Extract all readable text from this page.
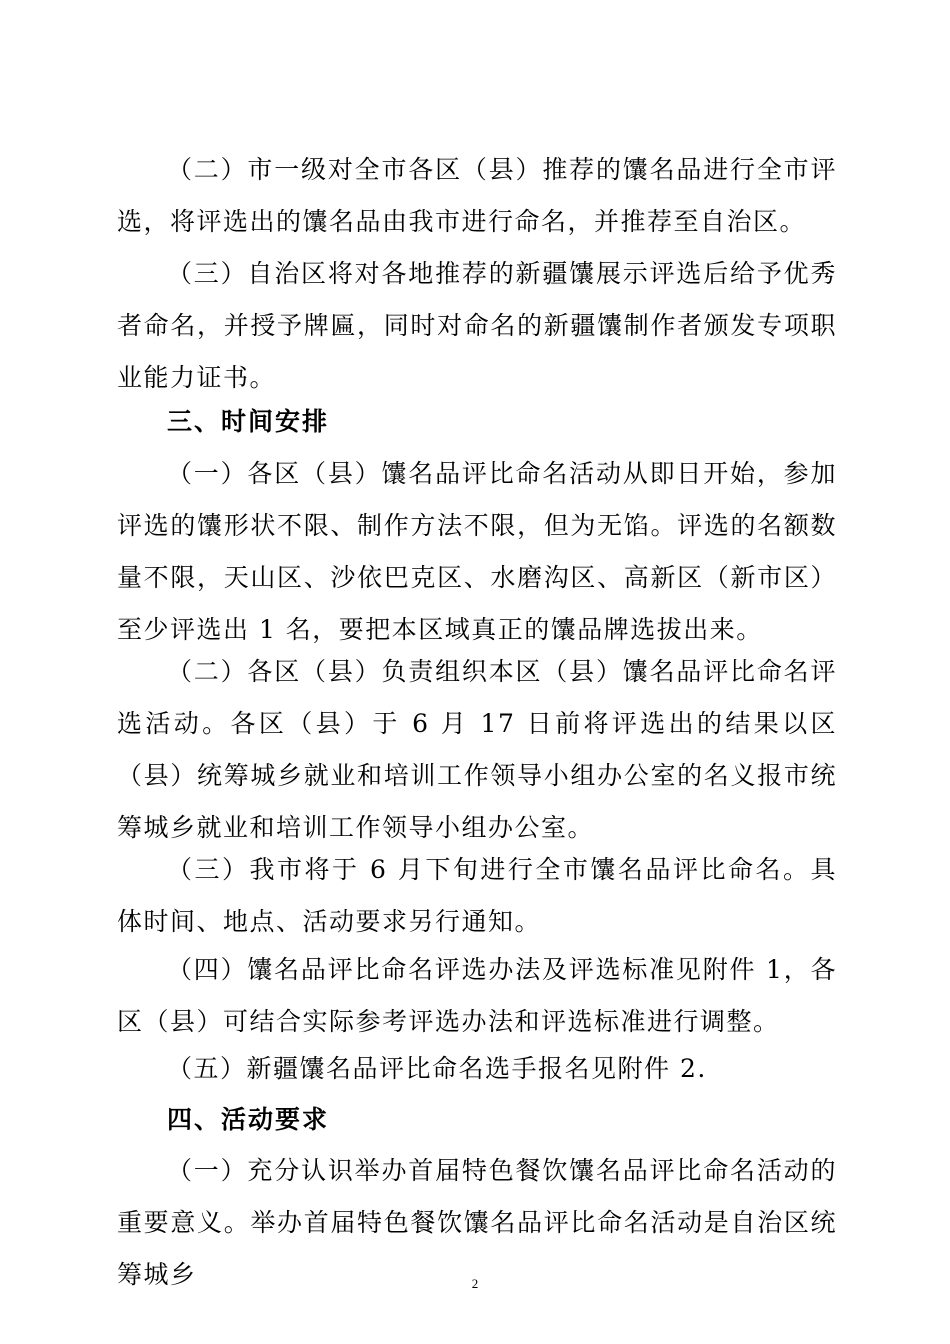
（二）市一级对全市各区（县）推荐的馕名品进行全市评选，将评选出的馕名品由我市进行命名，并推荐至自治区。

（三）自治区将对各地推荐的新疆馕展示评选后给予优秀者命名，并授予牌匾，同时对命名的新疆馕制作者颁发专项职业能力证书。

三、时间安排

（一）各区（县）馕名品评比命名活动从即日开始，参加评选的馕形状不限、制作方法不限，但为无馅。评选的名额数量不限，天山区、沙依巴克区、水磨沟区、高新区（新市区）至少评选出 1 名，要把本区域真正的馕品牌选拔出来。

（二）各区（县）负责组织本区（县）馕名品评比命名评选活动。各区（县）于 6 月 17 日前将评选出的结果以区（县）统筹城乡就业和培训工作领导小组办公室的名义报市统筹城乡就业和培训工作领导小组办公室。

（三）我市将于 6 月下旬进行全市馕名品评比命名。具体时间、地点、活动要求另行通知。

（四）馕名品评比命名评选办法及评选标准见附件 1，各区（县）可结合实际参考评选办法和评选标准进行调整。

（五）新疆馕名品评比命名选手报名见附件 2.

四、活动要求

（一）充分认识举办首届特色餐饮馕名品评比命名活动的重要意义。举办首届特色餐饮馕名品评比命名活动是自治区统筹城乡	2
